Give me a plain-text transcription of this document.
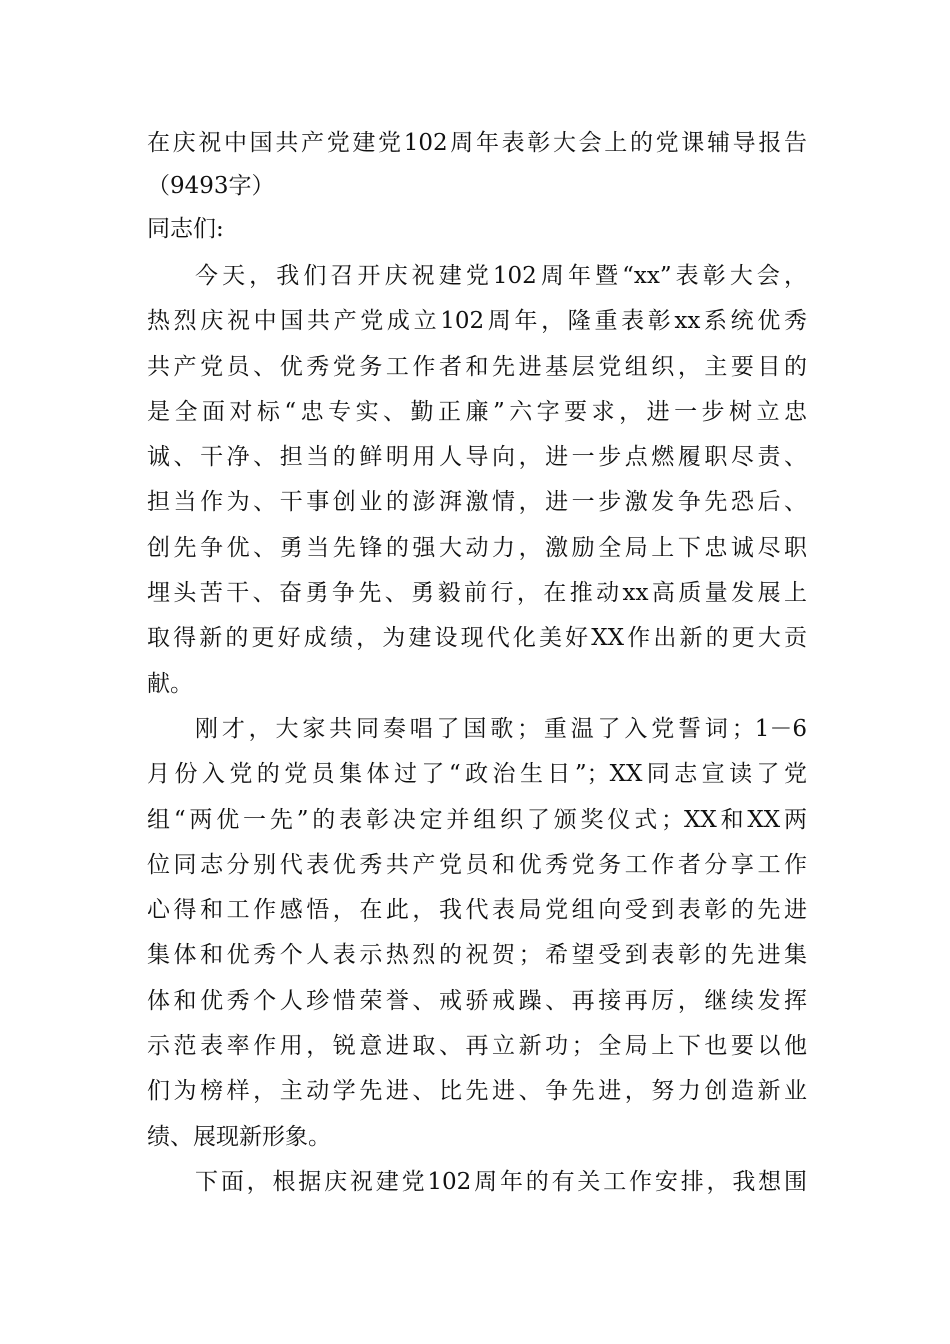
在庆祝中国共产党建党102周年表彰大会上的党课辅导报告
（9493字）
同志们:
今天，我们召开庆祝建党102周年暨“xx”表彰大会，
热烈庆祝中国共产党成立102周年，隆重表彰xx系统优秀
共产党员、优秀党务工作者和先进基层党组织，主要目的
是全面对标“忠专实、勤正廉”六字要求，进一步树立忠
诚、干净、担当的鲜明用人导向，进一步点燃履职尽责、
担当作为、干事创业的澎湃激情，进一步激发争先恐后、
创先争优、勇当先锋的强大动力，激励全局上下忠诚尽职
埋头苦干、奋勇争先、勇毅前行，在推动xx高质量发展上
取得新的更好成绩，为建设现代化美好XX作出新的更大贡
献。
刚才，大家共同奏唱了国歌；重温了入党誓词；1－6
月份入党的党员集体过了“政治生日”；XX同志宣读了党
组“两优一先”的表彰决定并组织了颁奖仪式；XX和XX两
位同志分别代表优秀共产党员和优秀党务工作者分享工作
心得和工作感悟，在此，我代表局党组向受到表彰的先进
集体和优秀个人表示热烈的祝贺；希望受到表彰的先进集
体和优秀个人珍惜荣誉、戒骄戒躁、再接再厉，继续发挥
示范表率作用，锐意进取、再立新功；全局上下也要以他
们为榜样，主动学先进、比先进、争先进，努力创造新业
绩、展现新形象。
下面，根据庆祝建党102周年的有关工作安排，我想围
